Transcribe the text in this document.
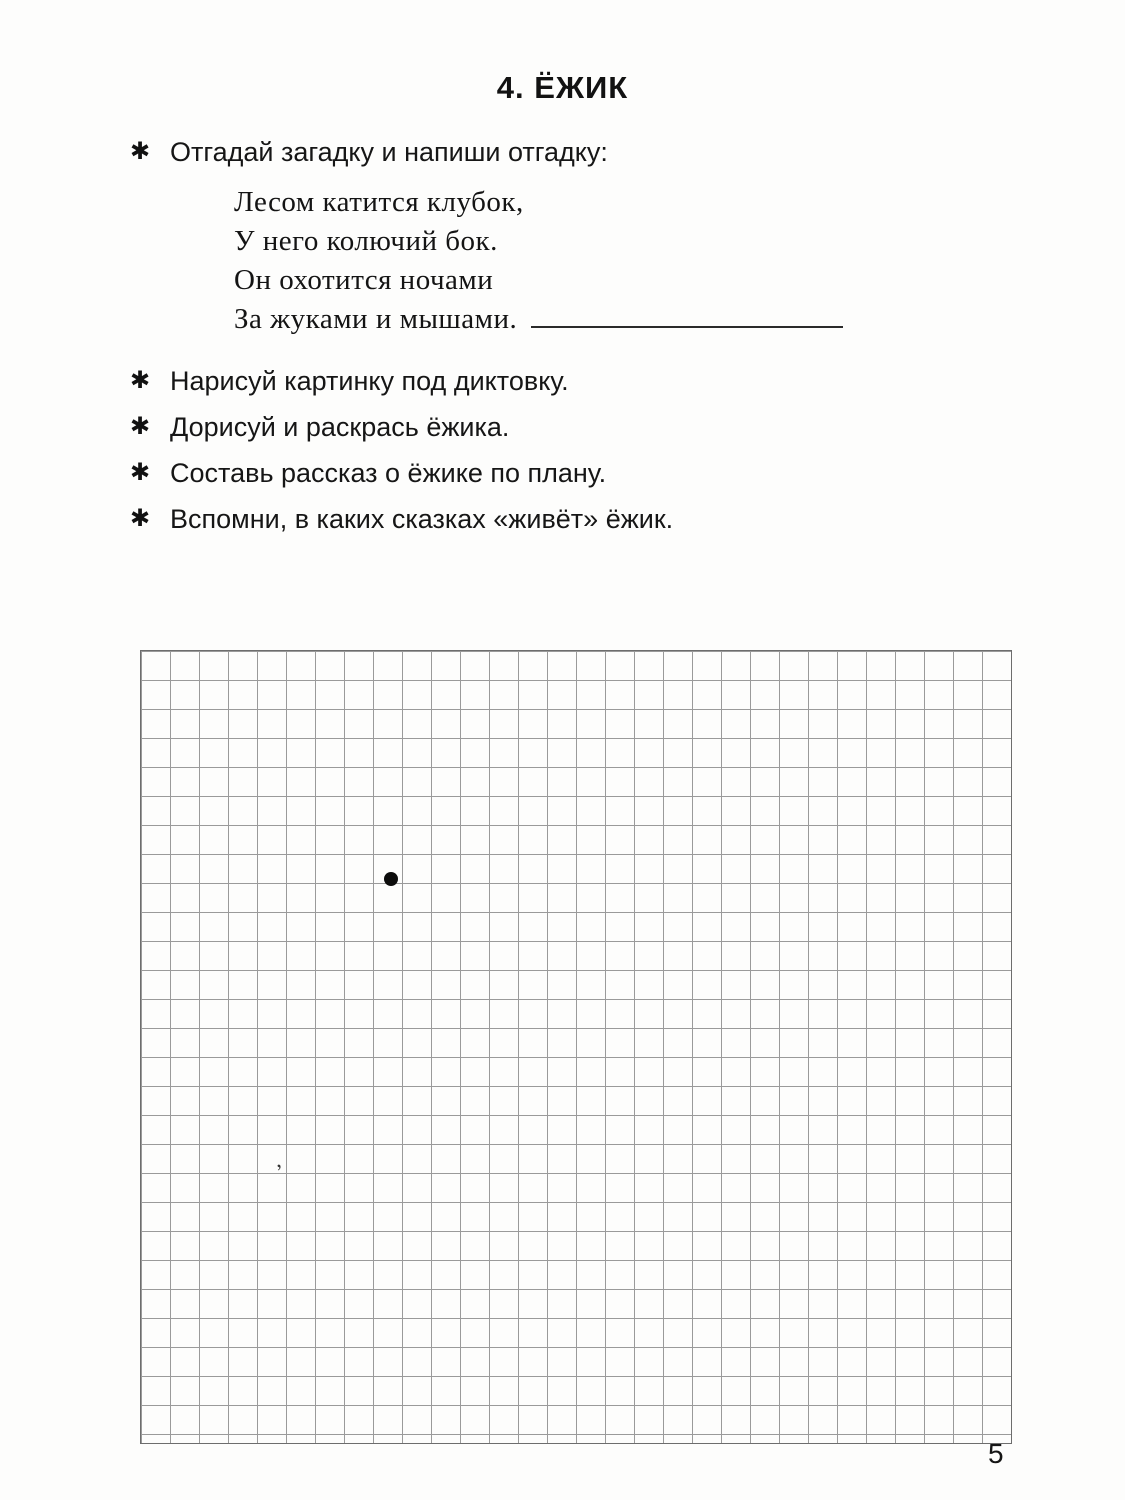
4. ЁЖИК
✱ Отгадай загадку и напиши отгадку:
Лесом катится клубок,
У него колючий бок.
Он охотится ночами
За жуками и мышами.
✱ Нарисуй картинку под диктовку.
✱ Дорисуй и раскрась ёжика.
✱ Составь рассказ о ёжике по плану.
✱ Вспомни, в каких сказках «живёт» ёжик.
‚
5
